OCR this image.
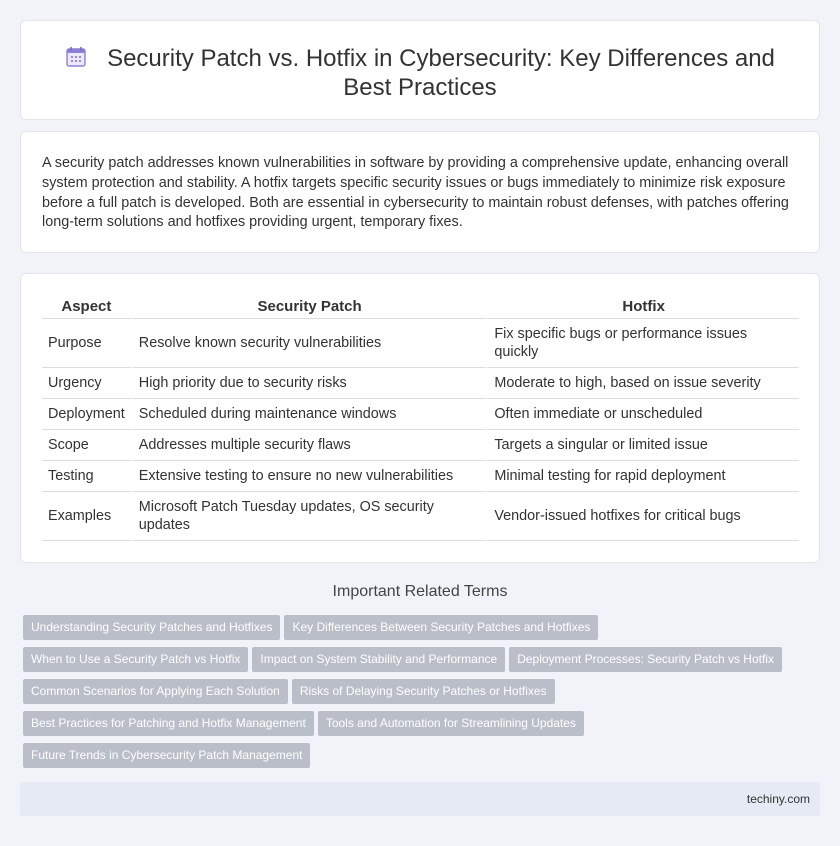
Security Patch vs. Hotfix in Cybersecurity: Key Differences and Best Practices

A security patch addresses known vulnerabilities in software by providing a comprehensive update, enhancing overall system protection and stability. A hotfix targets specific security issues or bugs immediately to minimize risk exposure before a full patch is developed. Both are essential in cybersecurity to maintain robust defenses, with patches offering long-term solutions and hotfixes providing urgent, temporary fixes.

Aspect	Security Patch	Hotfix
Purpose	Resolve known security vulnerabilities	Fix specific bugs or performance issues quickly
Urgency	High priority due to security risks	Moderate to high, based on issue severity
Deployment	Scheduled during maintenance windows	Often immediate or unscheduled
Scope	Addresses multiple security flaws	Targets a singular or limited issue
Testing	Extensive testing to ensure no new vulnerabilities	Minimal testing for rapid deployment
Examples	Microsoft Patch Tuesday updates, OS security updates	Vendor-issued hotfixes for critical bugs
Important Related Terms
Understanding Security Patches and Hotfixes Key Differences Between Security Patches and Hotfixes
When to Use a Security Patch vs Hotfix Impact on System Stability and Performance Deployment Processes: Security Patch vs Hotfix
Common Scenarios for Applying Each Solution Risks of Delaying Security Patches or Hotfixes
Best Practices for Patching and Hotfix Management Tools and Automation for Streamlining Updates
Future Trends in Cybersecurity Patch Management
techiny.com
